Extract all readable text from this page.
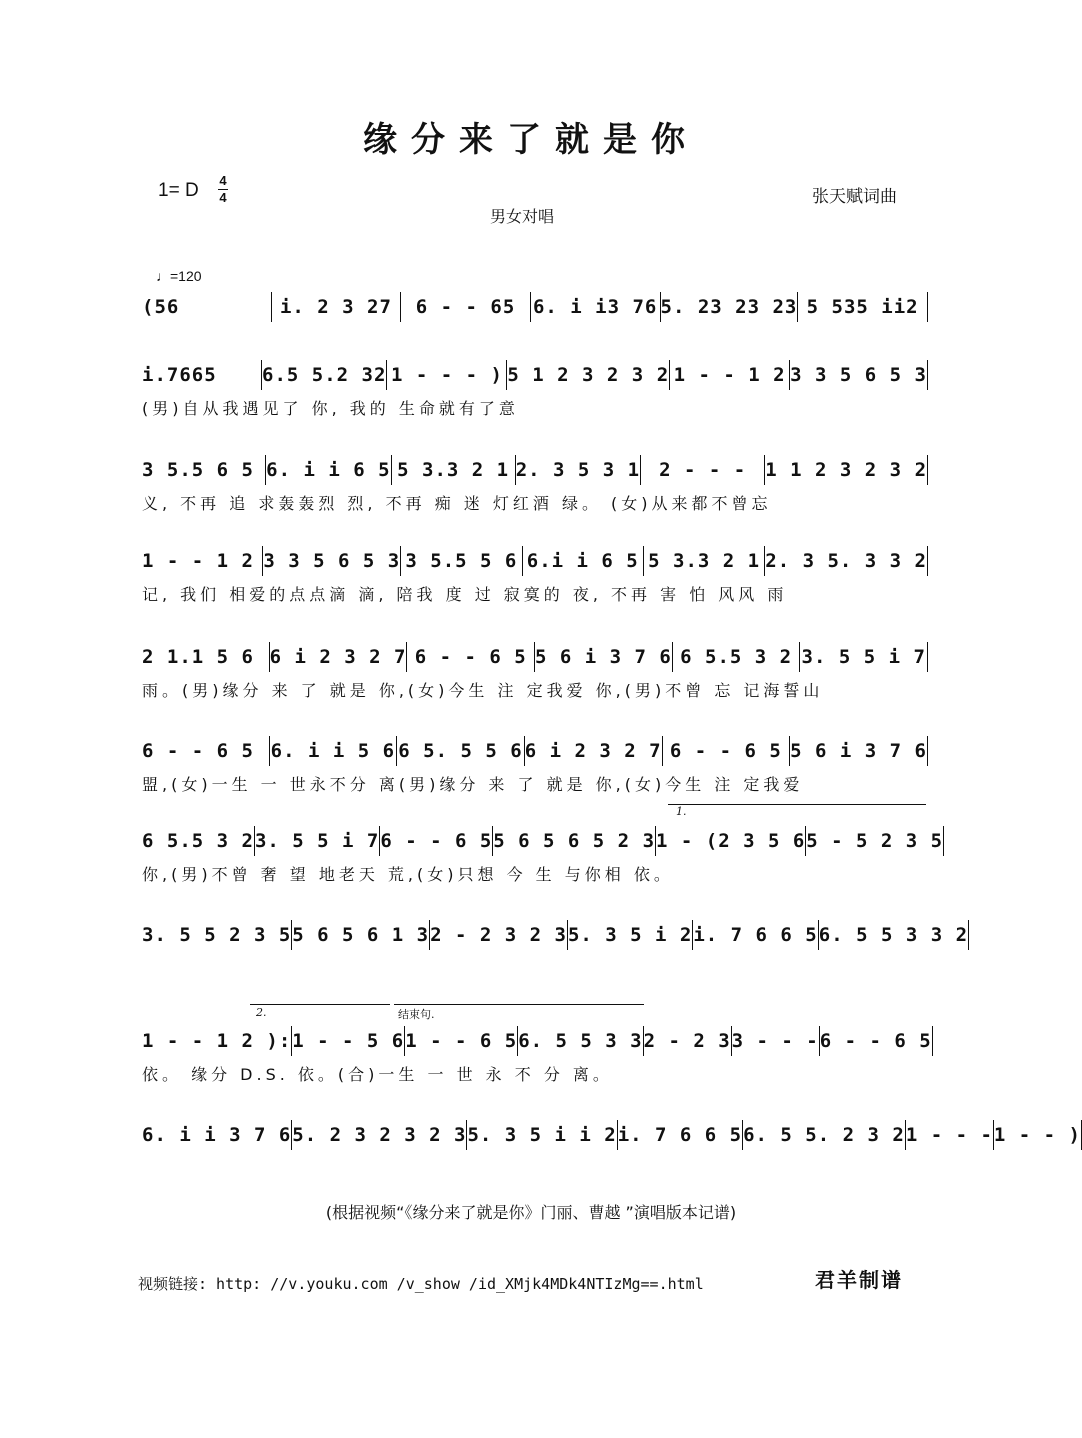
缘分来了就是你
1= D 4
4	张天赋词曲
男女对唱
♩=120
(56	i. 2 3 27	6 - - 65 6. i i3 76 5. 23 23 23 5 535 ii2
i.7665	6.5 5.2 32 1 - - - ) 5 1 2 3 2 3 2 1 - - 1 2 3 3 5 6 5 3
(男)自从我遇见了 你, 我的 生命就有了意
3 5.5 6 5 6. i i 6 5 5 3.3 2 1 2. 3 5 3 1	2 - - -	1 1 2 3 2 3 2
义, 不再 追 求轰轰烈 烈, 不再 痴 迷 灯红酒 绿。 (女)从来都不曾忘
1 - - 1 2 3 3 5 6 5 3 3 5.5 5 6 6.i i 6 5 5 3.3 2 1 2. 3 5. 3 3 2
记, 我们 相爱的点点滴 滴, 陪我 度 过 寂寞的 夜, 不再 害 怕 风风 雨
2 1.1 5 6 6 i 2 3 2 7 6 - - 6 5 5 6 i 3 7 6 6 5.5 3 2 3. 5 5 i 7
雨。(男)缘分 来 了 就是 你,(女)今生 注 定我爱 你,(男)不曾 忘 记海誓山
6 - - 6 5 6. i i 5 6 6 5. 5 5 6 6 i 2 3 2 7 6 - - 6 5 5 6 i 3 7 6
盟,(女)一生 一 世永不分 离(男)缘分 来 了 就是 你,(女)今生 注 定我爱
6 5.5 3 2 3. 5 5 i 7 6 - - 6 5 5 6 5 6 5 2 3 1 - (2 3 5 6 5 - 5 2 3 5
你,(男)不曾 奢 望 地老天 荒,(女)只想 今 生 与你相 依。
3. 5 5 2 3 5 5 6 5 6 1 3 2 - 2 3 2 3 5. 3 5 i 2 i. 7 6 6 5 6. 5 5 3 3 2
1 - - 1 2 ): 1 - - 5 6 1 - - 6 5 6. 5 5 3 3 2 - 2 3 3 - - - 6 - - 6 5
依。 缘分 D.S. 依。(合)一生 一 世 永 不 分 离。
6. i i 3 7 6 5. 2 3 2 3 2 3 5. 3 5 i i 2 i. 7 6 6 5 6. 5 5. 2 3 2 1 - - - 1 - - )
1.
2.	结束句.
(根据视频“《缘分来了就是你》门丽、曹越 ”演唱版本记谱)
视频链接: http: //v.youku.com /v_show /id_XMjk4MDk4NTIzMg==.html	君羊制谱
